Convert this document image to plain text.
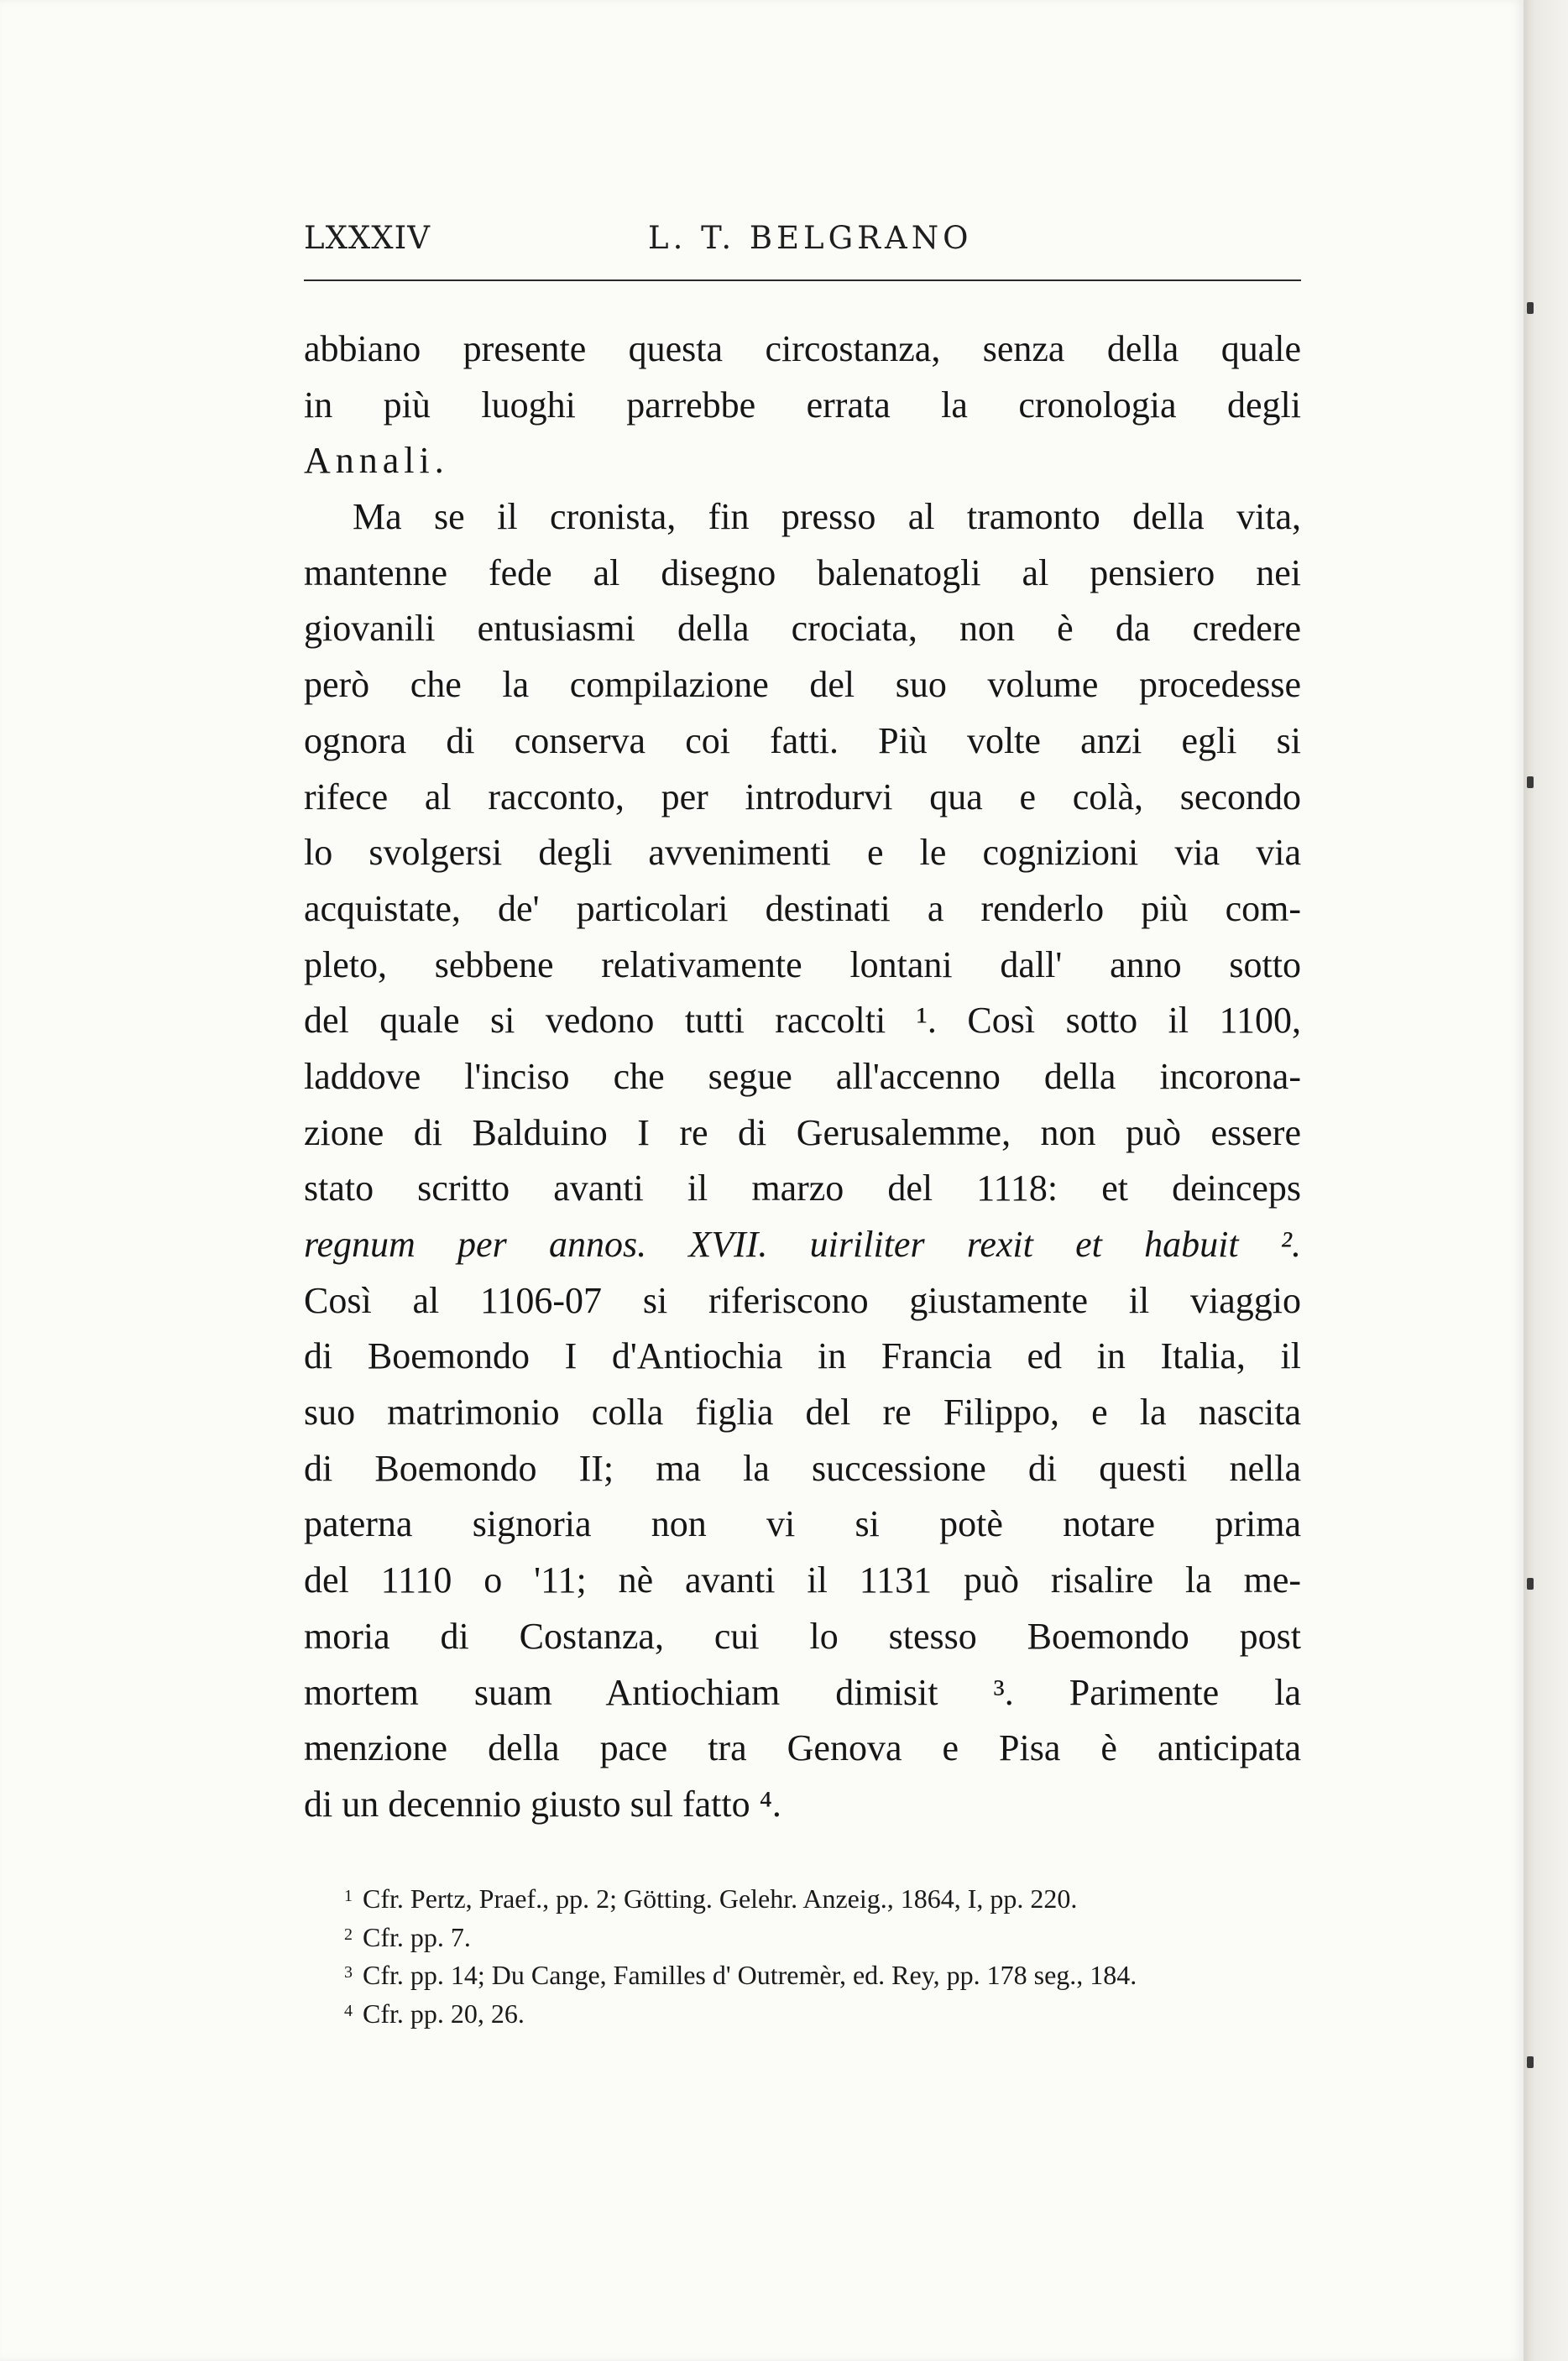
LXXXIV	L. T. BELGRANO
abbiano presente questa circostanza, senza della quale
in più luoghi parrebbe errata la cronologia degli
Annali.
Ma se il cronista, fin presso al tramonto della vita,
mantenne fede al disegno balenatogli al pensiero nei
giovanili entusiasmi della crociata, non è da credere
però che la compilazione del suo volume procedesse
ognora di conserva coi fatti. Più volte anzi egli si
rifece al racconto, per introdurvi qua e colà, secondo
lo svolgersi degli avvenimenti e le cognizioni via via
acquistate, de' particolari destinati a renderlo più com-
pleto, sebbene relativamente lontani dall' anno sotto
del quale si vedono tutti raccolti ¹. Così sotto il 1100,
laddove l'inciso che segue all'accenno della incorona-
zione di Balduino I re di Gerusalemme, non può essere
stato scritto avanti il marzo del 1118: et deinceps
regnum per annos. XVII. uiriliter rexit et habuit ².
Così al 1106-07 si riferiscono giustamente il viaggio
di Boemondo I d'Antiochia in Francia ed in Italia, il
suo matrimonio colla figlia del re Filippo, e la nascita
di Boemondo II; ma la successione di questi nella
paterna signoria non vi si potè notare prima
del 1110 o '11; nè avanti il 1131 può risalire la me-
moria di Costanza, cui lo stesso Boemondo post
mortem suam Antiochiam dimisit ³. Parimente la
menzione della pace tra Genova e Pisa è anticipata
di un decennio giusto sul fatto ⁴.
1 Cfr. Pertz, Praef., pp. 2; Götting. Gelehr. Anzeig., 1864, I, pp. 220.
2 Cfr. pp. 7.
3 Cfr. pp. 14; Du Cange, Familles d' Outremèr, ed. Rey, pp. 178 seg., 184.
4 Cfr. pp. 20, 26.
